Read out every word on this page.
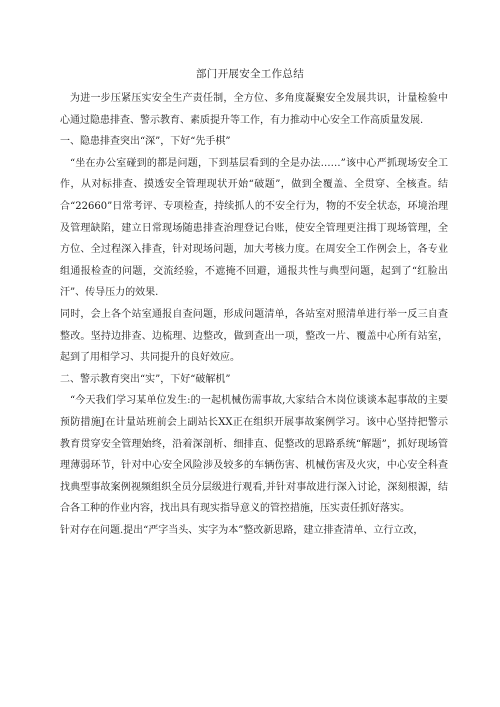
部门开展安全工作总结

为进一步压紧压实安全生产责任制，全方位、多角度凝聚安全发展共识，计量检验中心通过隐患排查、警示教育、素质提升等工作，有力推动中心安全工作高质量发展.

一、隐患排查突出“深”，下好“先手棋”

“坐在办公室碰到的都是问题，下到基层看到的全是办法……”该中心严抓现场安全工作，从对标排查、摸透安全管理现状开始“破题”，做到全覆盖、全贯穿、全核查。结合“22660”日常考评、专项检查，持续抓人的不安全行为，物的不安全状态，环境治理及管理缺陷，建立日常现场随患排查治理登记台账，使安全管理更注揖丁现场管理，全方位、全过程深入排查，针对现场问题，加大考核力度。在周安全工作例会上，各专业组通报检查的问题，交流经验，不遮掩不回避，通报共性与典型问题，起到了“红脸出汗”、传导压力的效果.

同时，会上各个站室通报自查问题，形成问题清单，各站室对照清单进行举一反三自查整改。坚持边排查、边梳理、边整改，做到查出一项，整改一片、覆盖中心所有站室，起到了用相学习、共同提升的良好效应。

二、警示教育突出“实”，下好“破解机”

“今天我们学习某单位发生:的一起机械伤需事故,大家结合木岗位谈谈本起事故的主要预防措施J在计量站班前会上副站长XX正在组织开展事故案例学习。该中心坚持把警示教育贯穿安全管理始终，沿着深剖析、细排直、促整改的思路系统“解题”，抓好现场管理薄弱环节，针对中心安全风险涉及较多的车辆伤害、机械伤害及火灾，中心安全科查找典型事故案例视频组织全员分层级进行观看,并针对事故进行深入讨论，深刻根源，结合各工种的作业内容，找出具有现实指导意义的管控措施，压实责任抓好落实。

针对存在问题.提出“严字当头、实字为本”整改新思路，建立排查清单、立行立改，
